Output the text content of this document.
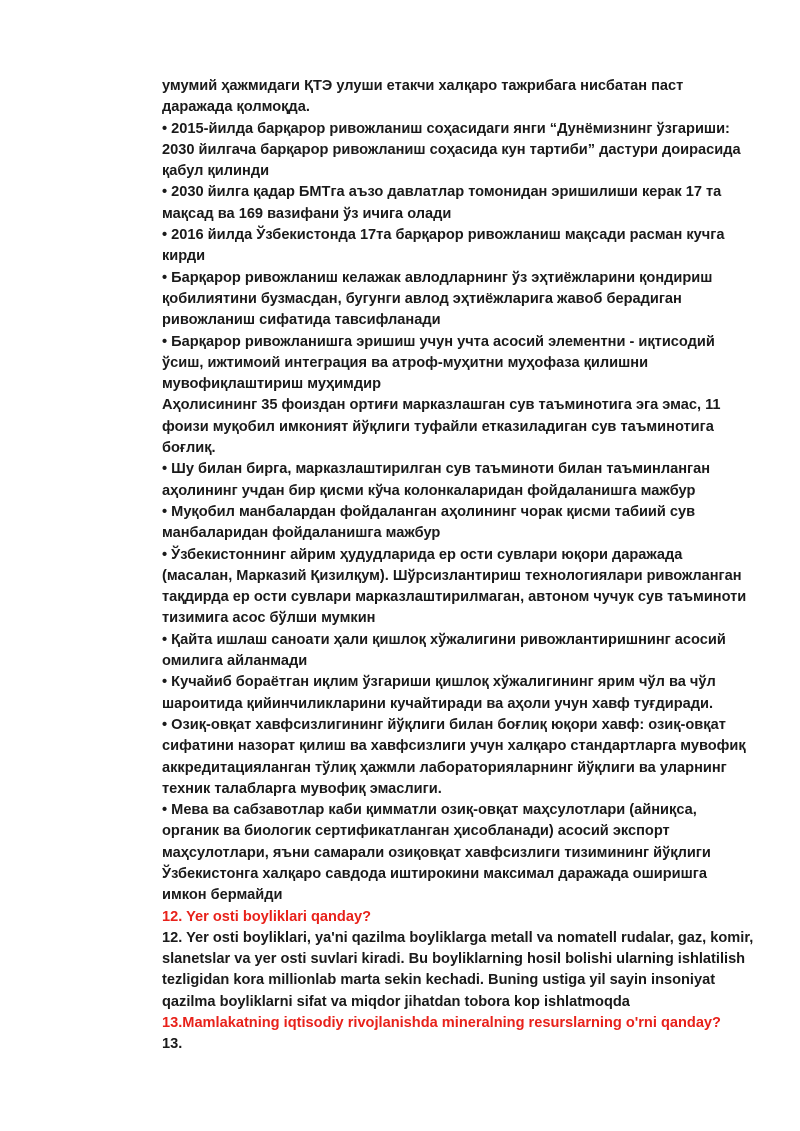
умумий ҳажмидаги ҚТЭ улуши етакчи халқаро тажрибага нисбатан паст
даражада қолмоқда.
• 2015-йилда барқарор ривожланиш соҳасидаги янги “Дунёмизнинг ўзгариши:
2030 йилгача барқарор ривожланиш соҳасида кун тартиби” дастури доирасида
қабул қилинди
• 2030 йилга қадар БМТга аъзо давлатлар томонидан эришилиши керак 17 та
мақсад ва 169 вазифани ўз ичига олади
• 2016 йилда Ўзбекистонда 17та барқарор ривожланиш мақсади расман кучга
кирди
• Барқарор ривожланиш келажак авлодларнинг ўз эҳтиёжларини қондириш
қобилиятини бузмасдан, бугунги авлод эҳтиёжларига жавоб берадиган
ривожланиш сифатида тавсифланади
• Барқарор ривожланишга эришиш учун учта асосий элементни - иқтисодий
ўсиш, ижтимоий интеграция ва атроф-муҳитни муҳофаза қилишни
мувофиқлаштириш муҳимдир
Аҳолисининг 35 фоиздан ортиғи марказлашган сув таъминотига эга эмас, 11
фоизи муқобил имконият йўқлиги туфайли етказиладиган сув таъминотига
боғлиқ.
• Шу билан бирга, марказлаштирилган сув таъминоти билан таъминланган
аҳолининг учдан бир қисми кўча колонкаларидан фойдаланишга мажбур
• Муқобил манбалардан фойдаланган аҳолининг чорак қисми табиий сув
манбаларидан фойдаланишга мажбур
• Ўзбекистоннинг айрим ҳудудларида ер ости сувлари юқори даражада
(масалан, Марказий Қизилқум). Шўрсизлантириш технологиялари ривожланган
тақдирда ер ости сувлари марказлаштирилмаган, автоном чучук сув таъминоти
тизимига асос бўлши мумкин
• Қайта ишлаш саноати ҳали қишлоқ хўжалигини ривожлантиришнинг асосий
омилига айланмади
• Кучайиб бораётган иқлим ўзгариши қишлоқ хўжалигининг ярим чўл ва чўл
шароитида қийинчиликларини кучайтиради ва аҳоли учун хавф туғдиради.
• Озиқ-овқат хавфсизлигининг йўқлиги билан боғлиқ юқори хавф: озиқ-овқат
сифатини назорат қилиш ва хавфсизлиги учун халқаро стандартларга мувофиқ
аккредитацияланган тўлиқ ҳажмли лабораторияларнинг йўқлиги ва уларнинг
техник талабларга мувофиқ эмаслиги.
• Мева ва сабзавотлар каби қимматли озиқ-овқат маҳсулотлари (айниқса,
органик ва биологик сертификатланган ҳисобланади) асосий экспорт
маҳсулотлари, яъни самарали озиқовқат хавфсизлиги тизимининг йўқлиги
Ўзбекистонга халқаро савдода иштирокини максимал даражада оширишга
имкон бермайди
12. Yer osti boyliklari qanday?
12. Yer osti boyliklari, ya'ni qazilma boyliklarga metall va nomatell rudalar, gaz, komir,
slanetslar va yer osti suvlari kiradi. Bu boyliklarning hosil bolishi ularning ishlatilish
tezligidan kora millionlab marta sekin kechadi. Buning ustiga yil sayin insoniyat
qazilma boyliklarni sifat va miqdor jihatdan tobora kop ishlatmoqda
13.Mamlakatning iqtisodiy rivojlanishda mineralning resurslarning o'rni qanday?
13.
